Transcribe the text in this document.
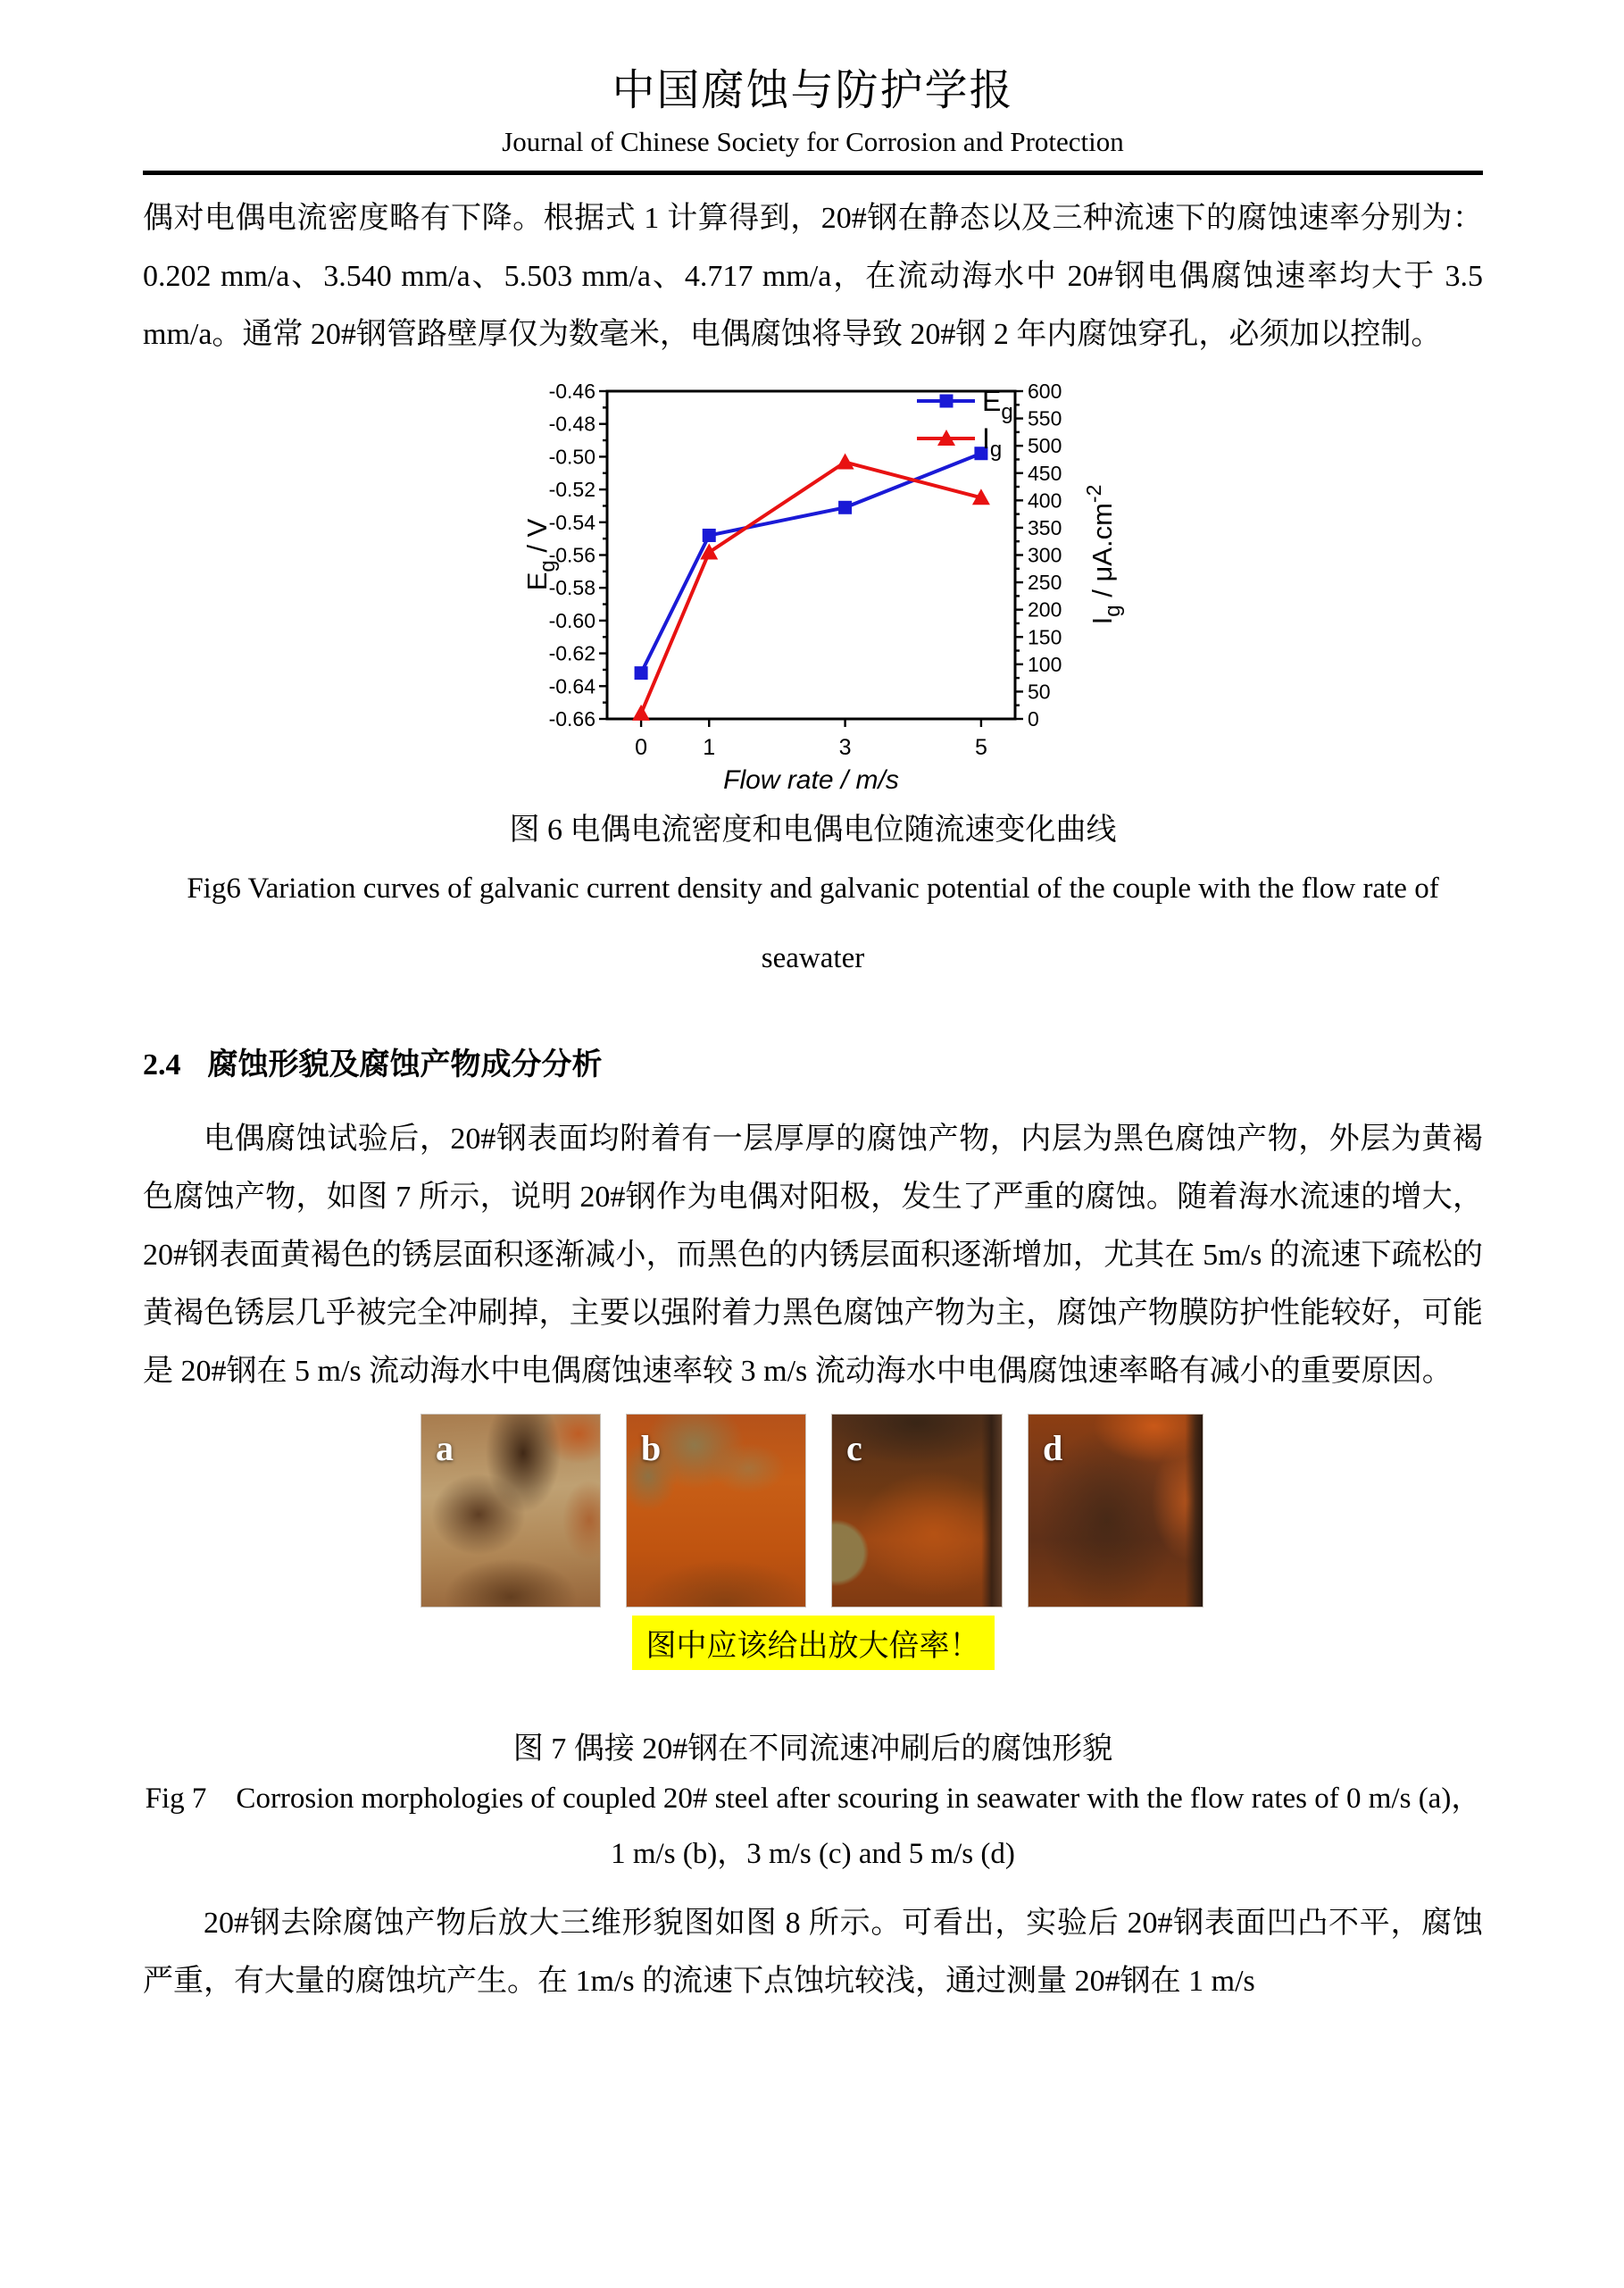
中国腐蚀与防护学报
Journal of Chinese Society for Corrosion and Protection

偶对电偶电流密度略有下降。根据式 1 计算得到，20#钢在静态以及三种流速下的腐蚀速率分别为：0.202 mm/a、3.540 mm/a、5.503 mm/a、4.717 mm/a，在流动海水中 20#钢电偶腐蚀速率均大于 3.5 mm/a。通常 20#钢管路壁厚仅为数毫米，电偶腐蚀将导致 20#钢 2 年内腐蚀穿孔，必须加以控制。

-0.46
-0.48
-0.50
-0.52
-0.54
-0.56
-0.58
-0.60
-0.62
-0.64
-0.66
600
550
500
450
400
350
300
250
200
150
100
50
0
0 1	3	5
$E_g$
$I_g$
$E_g$ / V
$I_g / \mu A.cm^{-2}$
Flow rate / m/s
图 6 电偶电流密度和电偶电位随流速变化曲线
Fig6 Variation curves of galvanic current density and galvanic potential of the couple with the flow rate of seawater
2.4 腐蚀形貌及腐蚀产物成分分析

电偶腐蚀试验后，20#钢表面均附着有一层厚厚的腐蚀产物，内层为黑色腐蚀产物，外层为黄褐色腐蚀产物，如图 7 所示，说明 20#钢作为电偶对阳极，发生了严重的腐蚀。随着海水流速的增大，20#钢表面黄褐色的锈层面积逐渐减小，而黑色的内锈层面积逐渐增加，尤其在 5m/s 的流速下疏松的黄褐色锈层几乎被完全冲刷掉，主要以强附着力黑色腐蚀产物为主，腐蚀产物膜防护性能较好，可能是 20#钢在 5 m/s 流动海水中电偶腐蚀速率较 3 m/s 流动海水中电偶腐蚀速率略有减小的重要原因。

a	b	c	d
图中应该给出放大倍率！
图 7 偶接 20#钢在不同流速冲刷后的腐蚀形貌
Fig 7　Corrosion morphologies of coupled 20# steel after scouring in seawater with the flow rates of 0 m/s (a)，1 m/s (b)，3 m/s (c) and 5 m/s (d)

20#钢去除腐蚀产物后放大三维形貌图如图 8 所示。可看出，实验后 20#钢表面凹凸不平，腐蚀严重，有大量的腐蚀坑产生。在 1m/s 的流速下点蚀坑较浅，通过测量 20#钢在 1 m/s
